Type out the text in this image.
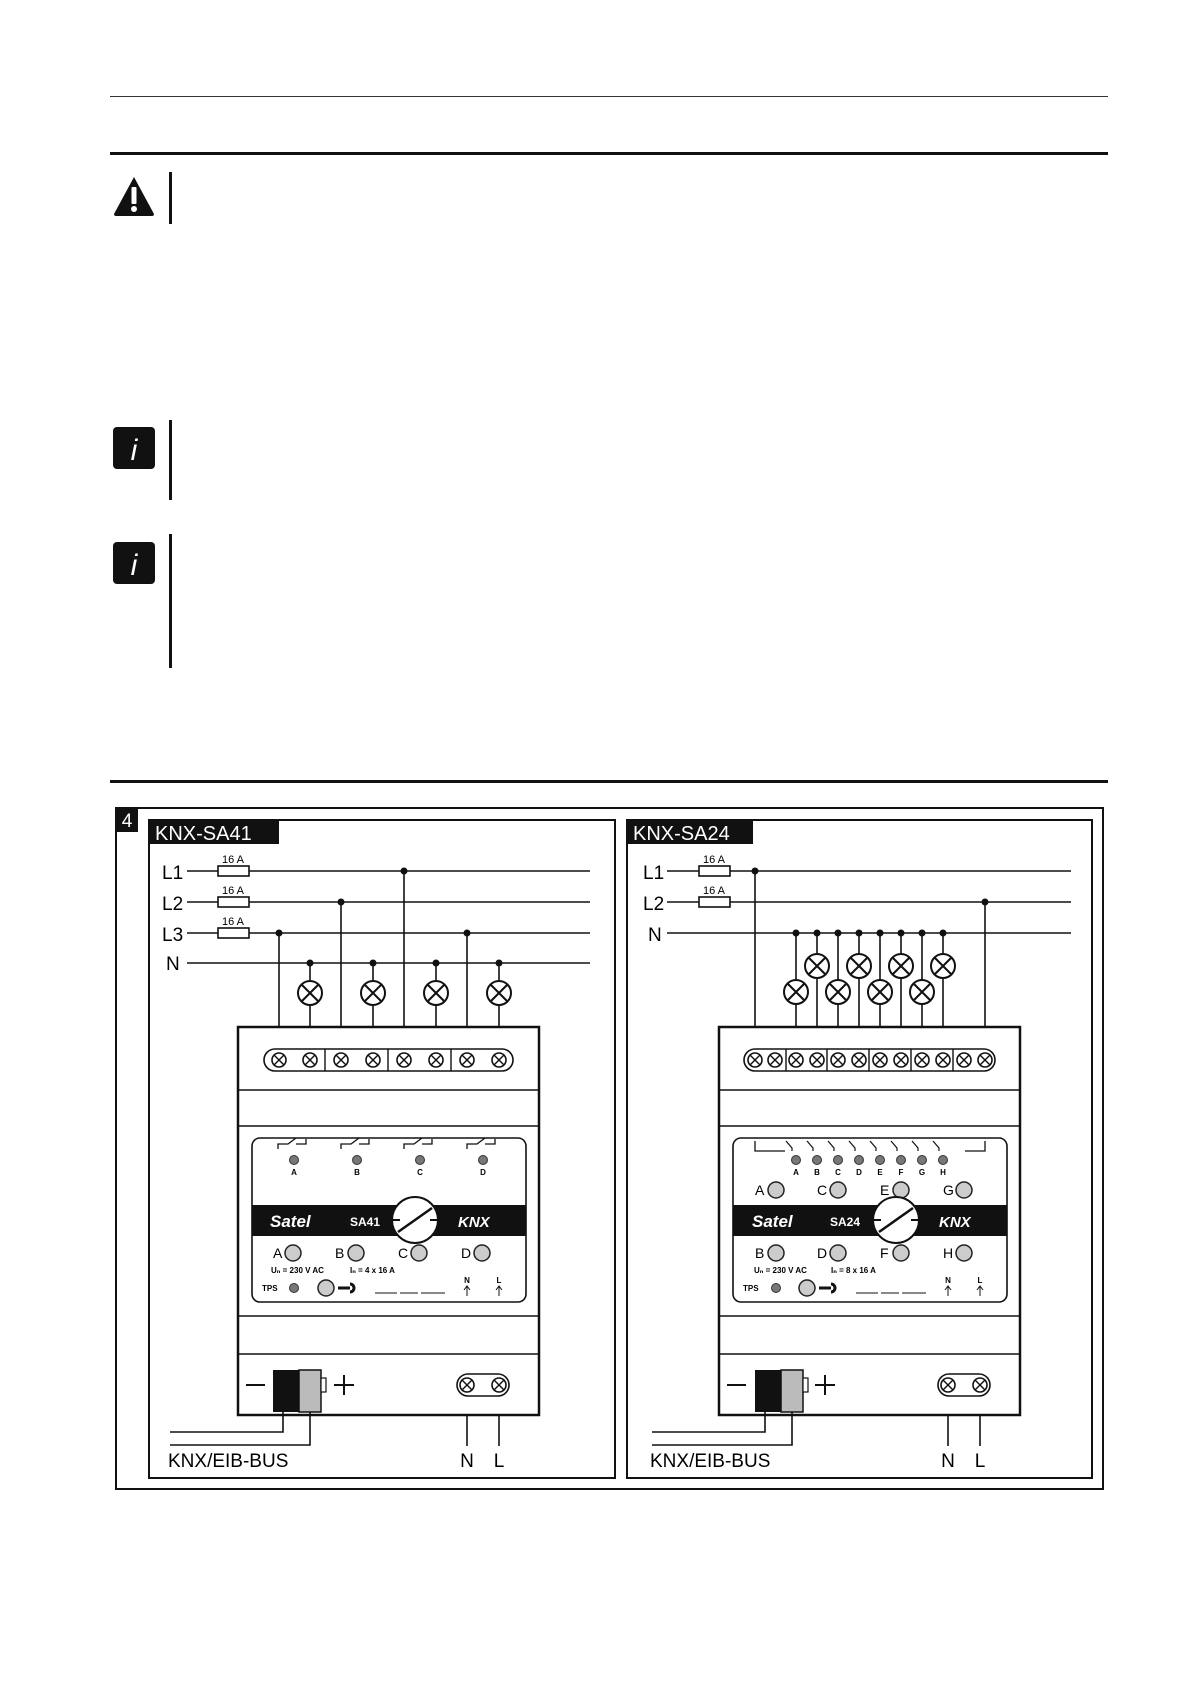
i
i
4
KNX-SA41
L1
L2
L3
N
16 A
16 A
16 A
A	B	C	D
Satel	SA41	KNX
A	B	C	D
Uₙ = 230 V AC	Iₙ = 4 x 16 A
TPS
N	L
KNX/EIB-BUS	N L
KNX-SA24
L1
L2
N
16 A
16 A
A B C D E F G H
A	C	E	G
Satel	SA24	KNX
B	D	F	H
Uₙ = 230 V AC	Iₙ = 8 x 16 A
TPS
N	L
KNX/EIB-BUS	N L
